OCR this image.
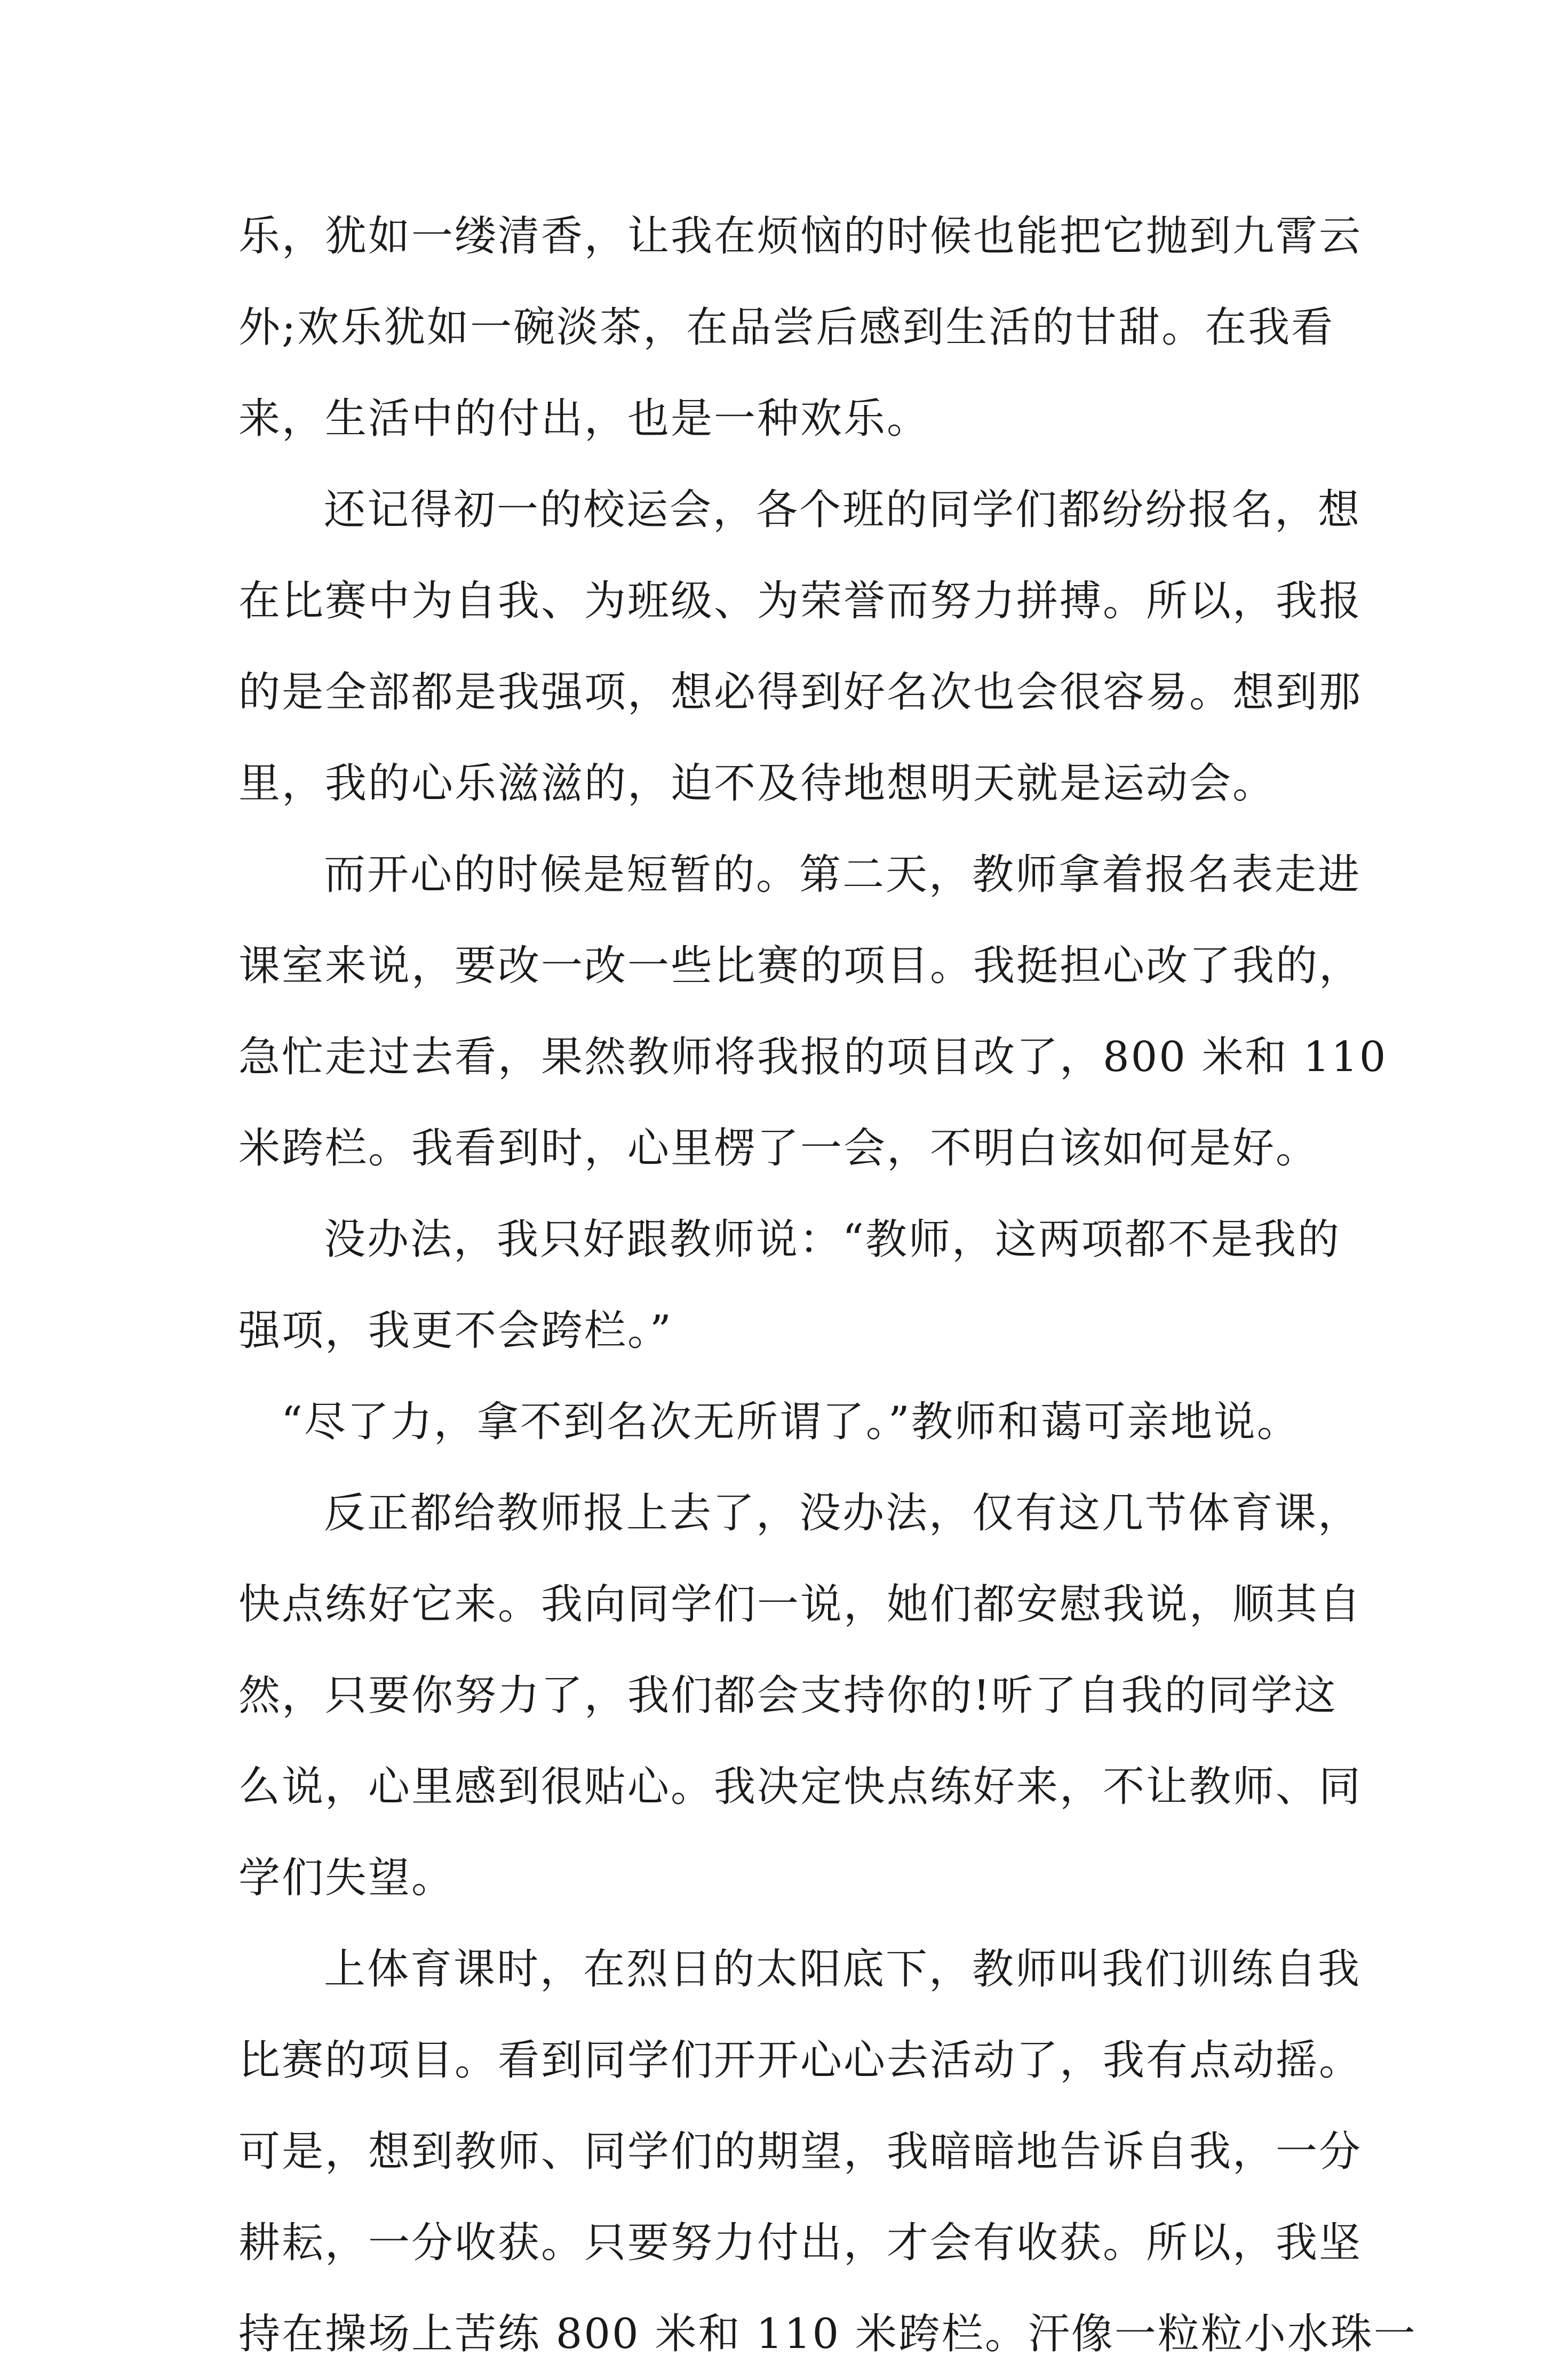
乐，犹如一缕清香，让我在烦恼的时候也能把它抛到九霄云
外;欢乐犹如一碗淡茶，在品尝后感到生活的甘甜。在我看
来，生活中的付出，也是一种欢乐。
还记得初一的校运会，各个班的同学们都纷纷报名，想
在比赛中为自我、为班级、为荣誉而努力拼搏。所以，我报
的是全部都是我强项，想必得到好名次也会很容易。想到那
里，我的心乐滋滋的，迫不及待地想明天就是运动会。
而开心的时候是短暂的。第二天，教师拿着报名表走进
课室来说，要改一改一些比赛的项目。我挺担心改了我的，
急忙走过去看，果然教师将我报的项目改了，800 米和 110
米跨栏。我看到时，心里楞了一会，不明白该如何是好。
没办法，我只好跟教师说：“教师，这两项都不是我的
强项，我更不会跨栏。”
“尽了力，拿不到名次无所谓了。”教师和蔼可亲地说。
反正都给教师报上去了，没办法，仅有这几节体育课，
快点练好它来。我向同学们一说，她们都安慰我说，顺其自
然，只要你努力了，我们都会支持你的!听了自我的同学这
么说，心里感到很贴心。我决定快点练好来，不让教师、同
学们失望。
上体育课时，在烈日的太阳底下，教师叫我们训练自我
比赛的项目。看到同学们开开心心去活动了，我有点动摇。
可是，想到教师、同学们的期望，我暗暗地告诉自我，一分
耕耘，一分收获。只要努力付出，才会有收获。所以，我坚
持在操场上苦练 800 米和 110 米跨栏。汗像一粒粒小水珠一
